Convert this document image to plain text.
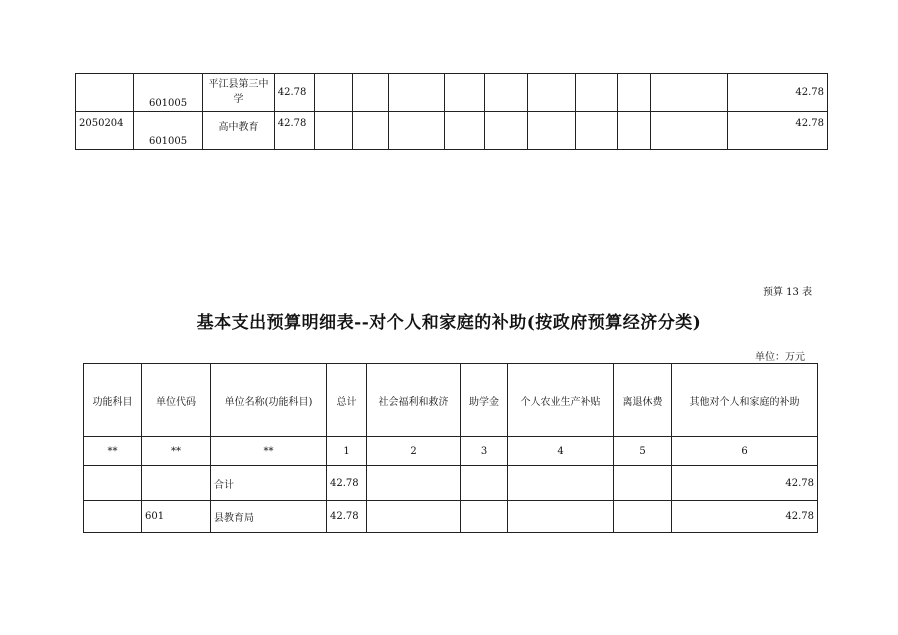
	601005	平江县第三中学	42.78										42.78
2050204	601005	高中教育	42.78										42.78
预算 13 表
基本支出预算明细表--对个人和家庭的补助(按政府预算经济分类)
单位：万元
功能科目	单位代码	单位名称(功能科目)	总计	社会福利和救济	助学金	个人农业生产补贴	离退休费	其他对个人和家庭的补助
**	**	**	1	2	3	4	5	6
		合计	42.78					42.78
	601	县教育局	42.78					42.78
